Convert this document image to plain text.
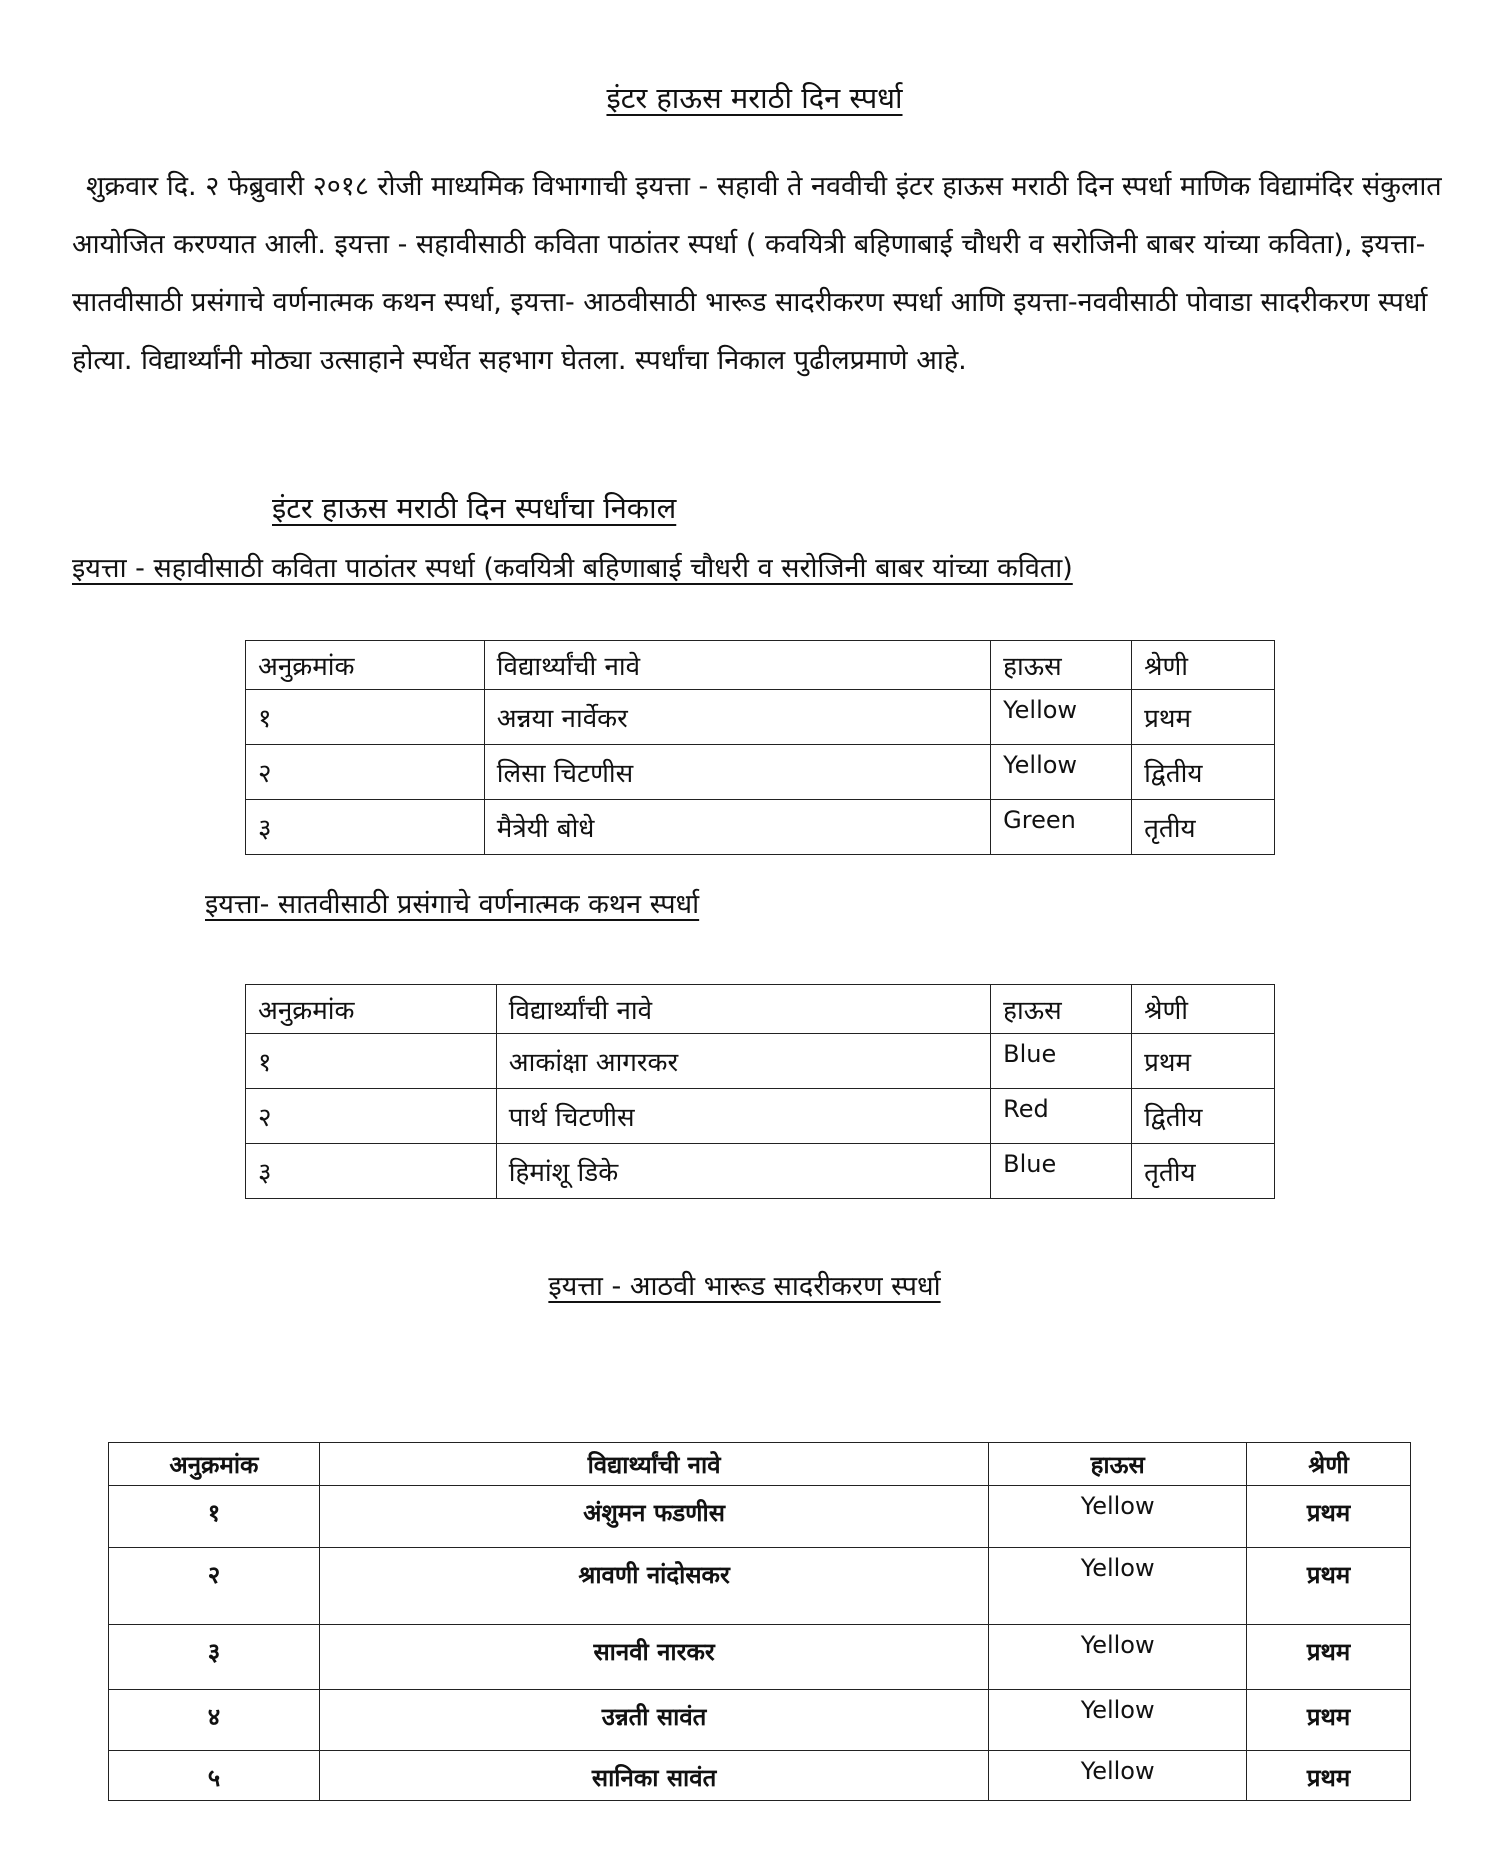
इंटर हाऊस मराठी दिन स्पर्धा
शुक्रवार दि. २ फेब्रुवारी २०१८ रोजी माध्यमिक विभागाची इयत्ता - सहावी ते नववीची इंटर हाऊस मराठी दिन स्पर्धा माणिक विद्यामंदिर संकुलात आयोजित करण्यात आली. इयत्ता - सहावीसाठी कविता पाठांतर स्पर्धा ( कवयित्री बहिणाबाई चौधरी व सरोजिनी बाबर यांच्या कविता), इयत्ता- सातवीसाठी प्रसंगाचे वर्णनात्मक कथन स्पर्धा, इयत्ता- आठवीसाठी भारूड सादरीकरण स्पर्धा आणि इयत्ता-नववीसाठी पोवाडा सादरीकरण स्पर्धा होत्या. विद्यार्थ्यांनी मोठ्या उत्साहाने स्पर्धेत सहभाग घेतला. स्पर्धांचा निकाल पुढीलप्रमाणे आहे.
इंटर हाऊस मराठी दिन स्पर्धांचा निकाल
इयत्ता - सहावीसाठी कविता पाठांतर स्पर्धा (कवयित्री बहिणाबाई चौधरी व सरोजिनी बाबर यांच्या कविता)
अनुक्रमांक	विद्यार्थ्यांची नावे	हाऊस	श्रेणी
१	अन्नया नार्वेकर	Yellow	प्रथम
२	लिसा चिटणीस	Yellow	द्वितीय
३	मैत्रेयी बोधे	Green	तृतीय
इयत्ता- सातवीसाठी प्रसंगाचे वर्णनात्मक कथन स्पर्धा
अनुक्रमांक	विद्यार्थ्यांची नावे	हाऊस	श्रेणी
१	आकांक्षा आगरकर	Blue	प्रथम
२	पार्थ चिटणीस	Red	द्वितीय
३	हिमांशू डिके	Blue	तृतीय
इयत्ता - आठवी भारूड सादरीकरण स्पर्धा
अनुक्रमांक	विद्यार्थ्यांची नावे	हाऊस	श्रेणी
१	अंशुमन फडणीस	Yellow	प्रथम
२	श्रावणी नांदोसकर	Yellow	प्रथम
३	सानवी नारकर	Yellow	प्रथम
४	उन्नती सावंत	Yellow	प्रथम
५	सानिका सावंत	Yellow	प्रथम
